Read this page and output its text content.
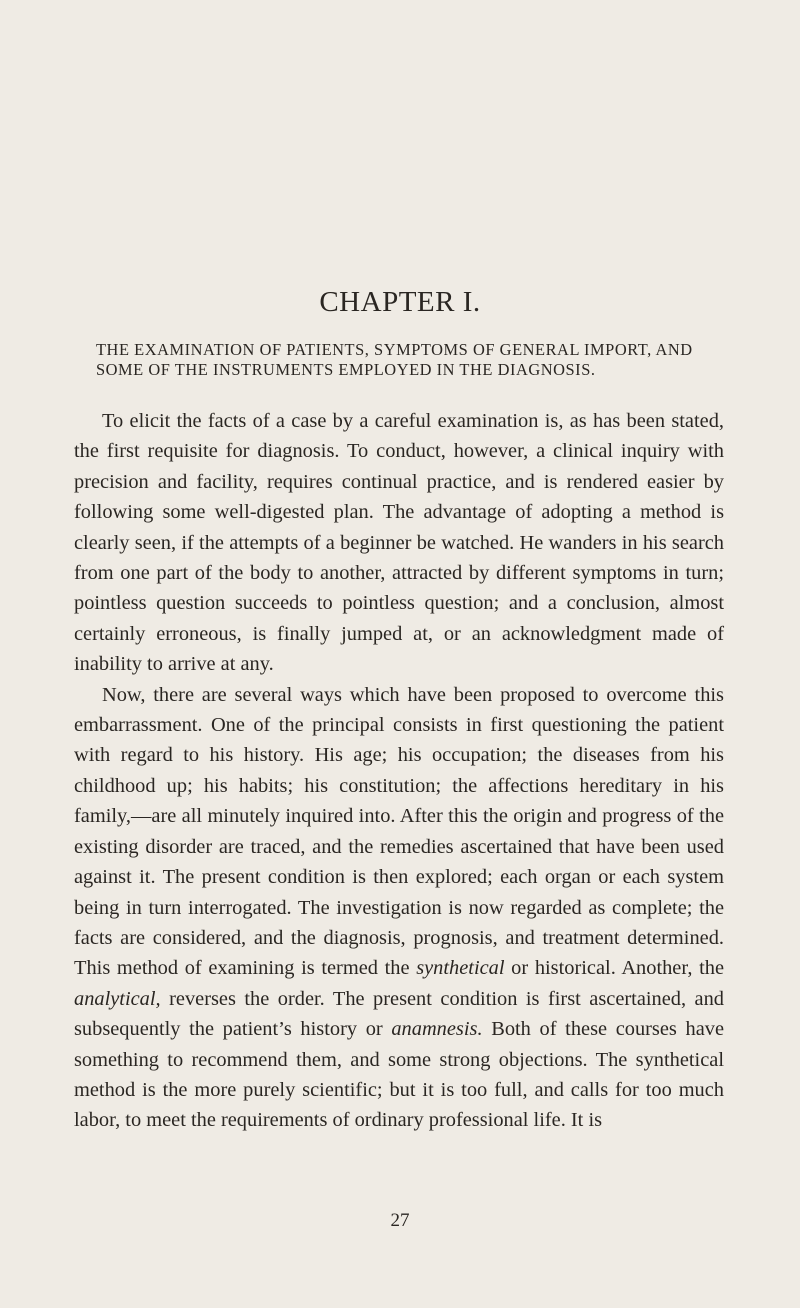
CHAPTER I.

THE EXAMINATION OF PATIENTS, SYMPTOMS OF GENERAL IMPORT, AND SOME OF THE INSTRUMENTS EMPLOYED IN THE DIAGNOSIS.

To elicit the facts of a case by a careful examination is, as has been stated, the first requisite for diagnosis. To conduct, however, a clinical inquiry with precision and facility, requires continual practice, and is rendered easier by following some well-digested plan. The advantage of adopting a method is clearly seen, if the attempts of a beginner be watched. He wanders in his search from one part of the body to another, attracted by different symptoms in turn; pointless question succeeds to pointless question; and a conclusion, almost certainly erroneous, is finally jumped at, or an acknowledgment made of inability to arrive at any.

Now, there are several ways which have been proposed to overcome this embarrassment. One of the principal consists in first questioning the patient with regard to his history. His age; his occupation; the diseases from his childhood up; his habits; his constitution; the affections hereditary in his family,—are all minutely inquired into. After this the origin and progress of the existing disorder are traced, and the remedies ascertained that have been used against it. The present condition is then explored; each organ or each system being in turn interrogated. The investigation is now regarded as complete; the facts are considered, and the diagnosis, prognosis, and treatment determined. This method of examining is termed the synthetical or historical. Another, the analytical, reverses the order. The present condition is first ascertained, and subsequently the patient’s history or anamnesis. Both of these courses have something to recommend them, and some strong objections. The synthetical method is the more purely scientific; but it is too full, and calls for too much labor, to meet the requirements of ordinary professional life. It is

27
